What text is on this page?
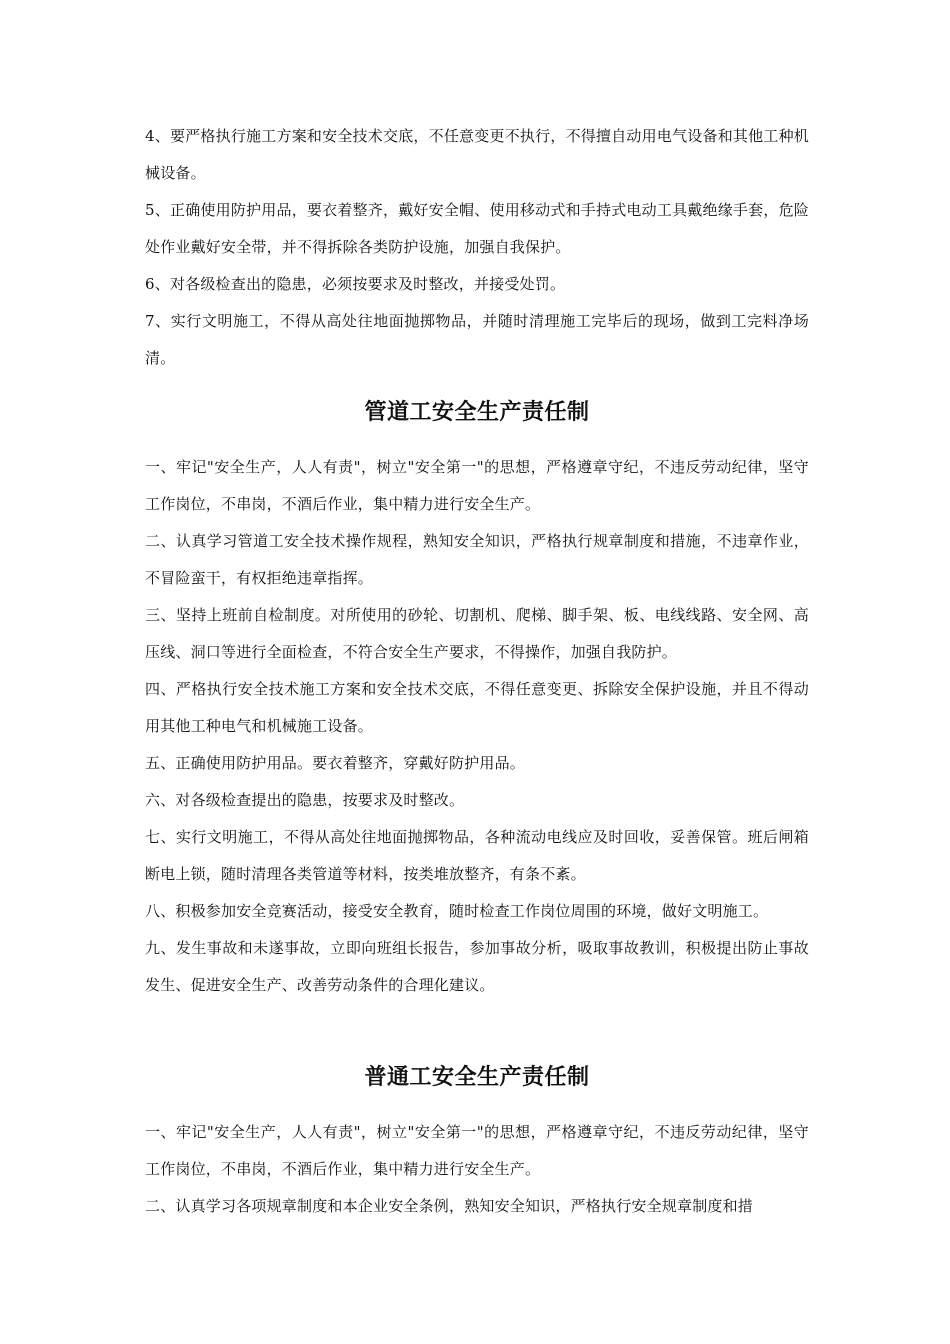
4、要严格执行施工方案和安全技术交底，不任意变更不执行，不得擅自动用电气设备和其他工种机械设备。

5、正确使用防护用品，要衣着整齐，戴好安全帽、使用移动式和手持式电动工具戴绝缘手套，危险处作业戴好安全带，并不得拆除各类防护设施，加强自我保护。

6、对各级检查出的隐患，必须按要求及时整改，并接受处罚。

7、实行文明施工，不得从高处往地面抛掷物品，并随时清理施工完毕后的现场，做到工完料净场清。

管道工安全生产责任制

一、牢记"安全生产，人人有责"，树立"安全第一"的思想，严格遵章守纪，不违反劳动纪律，坚守工作岗位，不串岗，不酒后作业，集中精力进行安全生产。

二、认真学习管道工安全技术操作规程，熟知安全知识，严格执行规章制度和措施，不违章作业，不冒险蛮干，有权拒绝违章指挥。

三、坚持上班前自检制度。对所使用的砂轮、切割机、爬梯、脚手架、板、电线线路、安全网、高压线、洞口等进行全面检查，不符合安全生产要求，不得操作，加强自我防护。

四、严格执行安全技术施工方案和安全技术交底，不得任意变更、拆除安全保护设施，并且不得动用其他工种电气和机械施工设备。

五、正确使用防护用品。要衣着整齐，穿戴好防护用品。

六、对各级检查提出的隐患，按要求及时整改。

七、实行文明施工，不得从高处往地面抛掷物品，各种流动电线应及时回收，妥善保管。班后闸箱断电上锁，随时清理各类管道等材料，按类堆放整齐，有条不紊。

八、积极参加安全竞赛活动，接受安全教育，随时检查工作岗位周围的环境，做好文明施工。

九、发生事故和未遂事故，立即向班组长报告，参加事故分析，吸取事故教训，积极提出防止事故发生、促进安全生产、改善劳动条件的合理化建议。

普通工安全生产责任制

一、牢记"安全生产，人人有责"，树立"安全第一"的思想，严格遵章守纪，不违反劳动纪律，坚守工作岗位，不串岗，不酒后作业，集中精力进行安全生产。

二、认真学习各项规章制度和本企业安全条例，熟知安全知识，严格执行安全规章制度和措
